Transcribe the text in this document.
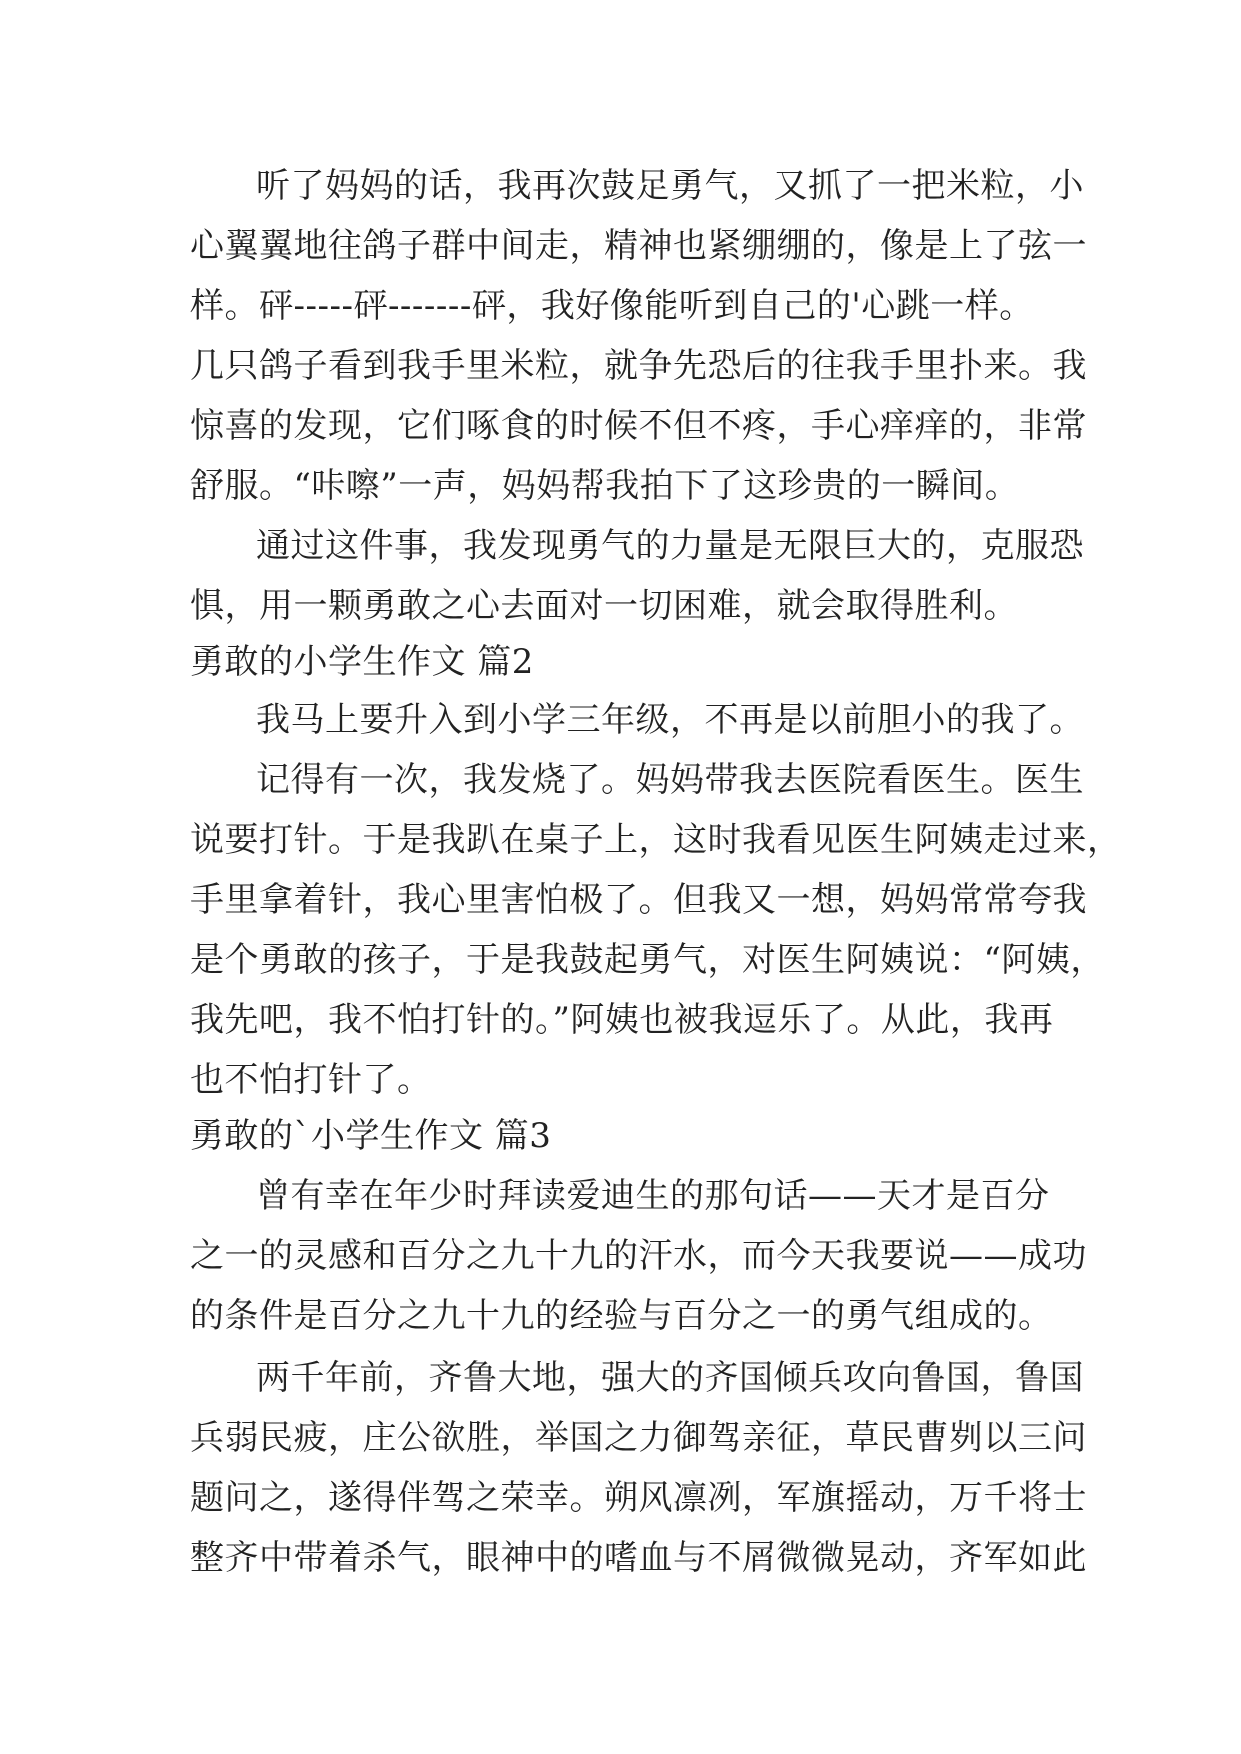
听了妈妈的话，我再次鼓足勇气，又抓了一把米粒，小
心翼翼地往鸽子群中间走，精神也紧绷绷的，像是上了弦一
样。砰-----砰-------砰，我好像能听到自己的'心跳一样。
几只鸽子看到我手里米粒，就争先恐后的往我手里扑来。我
惊喜的发现，它们啄食的时候不但不疼，手心痒痒的，非常
舒服。“咔嚓”一声，妈妈帮我拍下了这珍贵的一瞬间。
通过这件事，我发现勇气的力量是无限巨大的，克服恐
惧，用一颗勇敢之心去面对一切困难，就会取得胜利。
勇敢的小学生作文 篇2
我马上要升入到小学三年级，不再是以前胆小的我了。
记得有一次，我发烧了。妈妈带我去医院看医生。医生
说要打针。于是我趴在桌子上，这时我看见医生阿姨走过来，
手里拿着针，我心里害怕极了。但我又一想，妈妈常常夸我
是个勇敢的孩子，于是我鼓起勇气，对医生阿姨说：“阿姨，
我先吧，我不怕打针的。”阿姨也被我逗乐了。从此，我再
也不怕打针了。
勇敢的`小学生作文 篇3
曾有幸在年少时拜读爱迪生的那句话——天才是百分
之一的灵感和百分之九十九的汗水，而今天我要说——成功
的条件是百分之九十九的经验与百分之一的勇气组成的。
两千年前，齐鲁大地，强大的齐国倾兵攻向鲁国，鲁国
兵弱民疲，庄公欲胜，举国之力御驾亲征，草民曹刿以三问
题问之，遂得伴驾之荣幸。朔风凛冽，军旗摇动，万千将士
整齐中带着杀气，眼神中的嗜血与不屑微微晃动，齐军如此
